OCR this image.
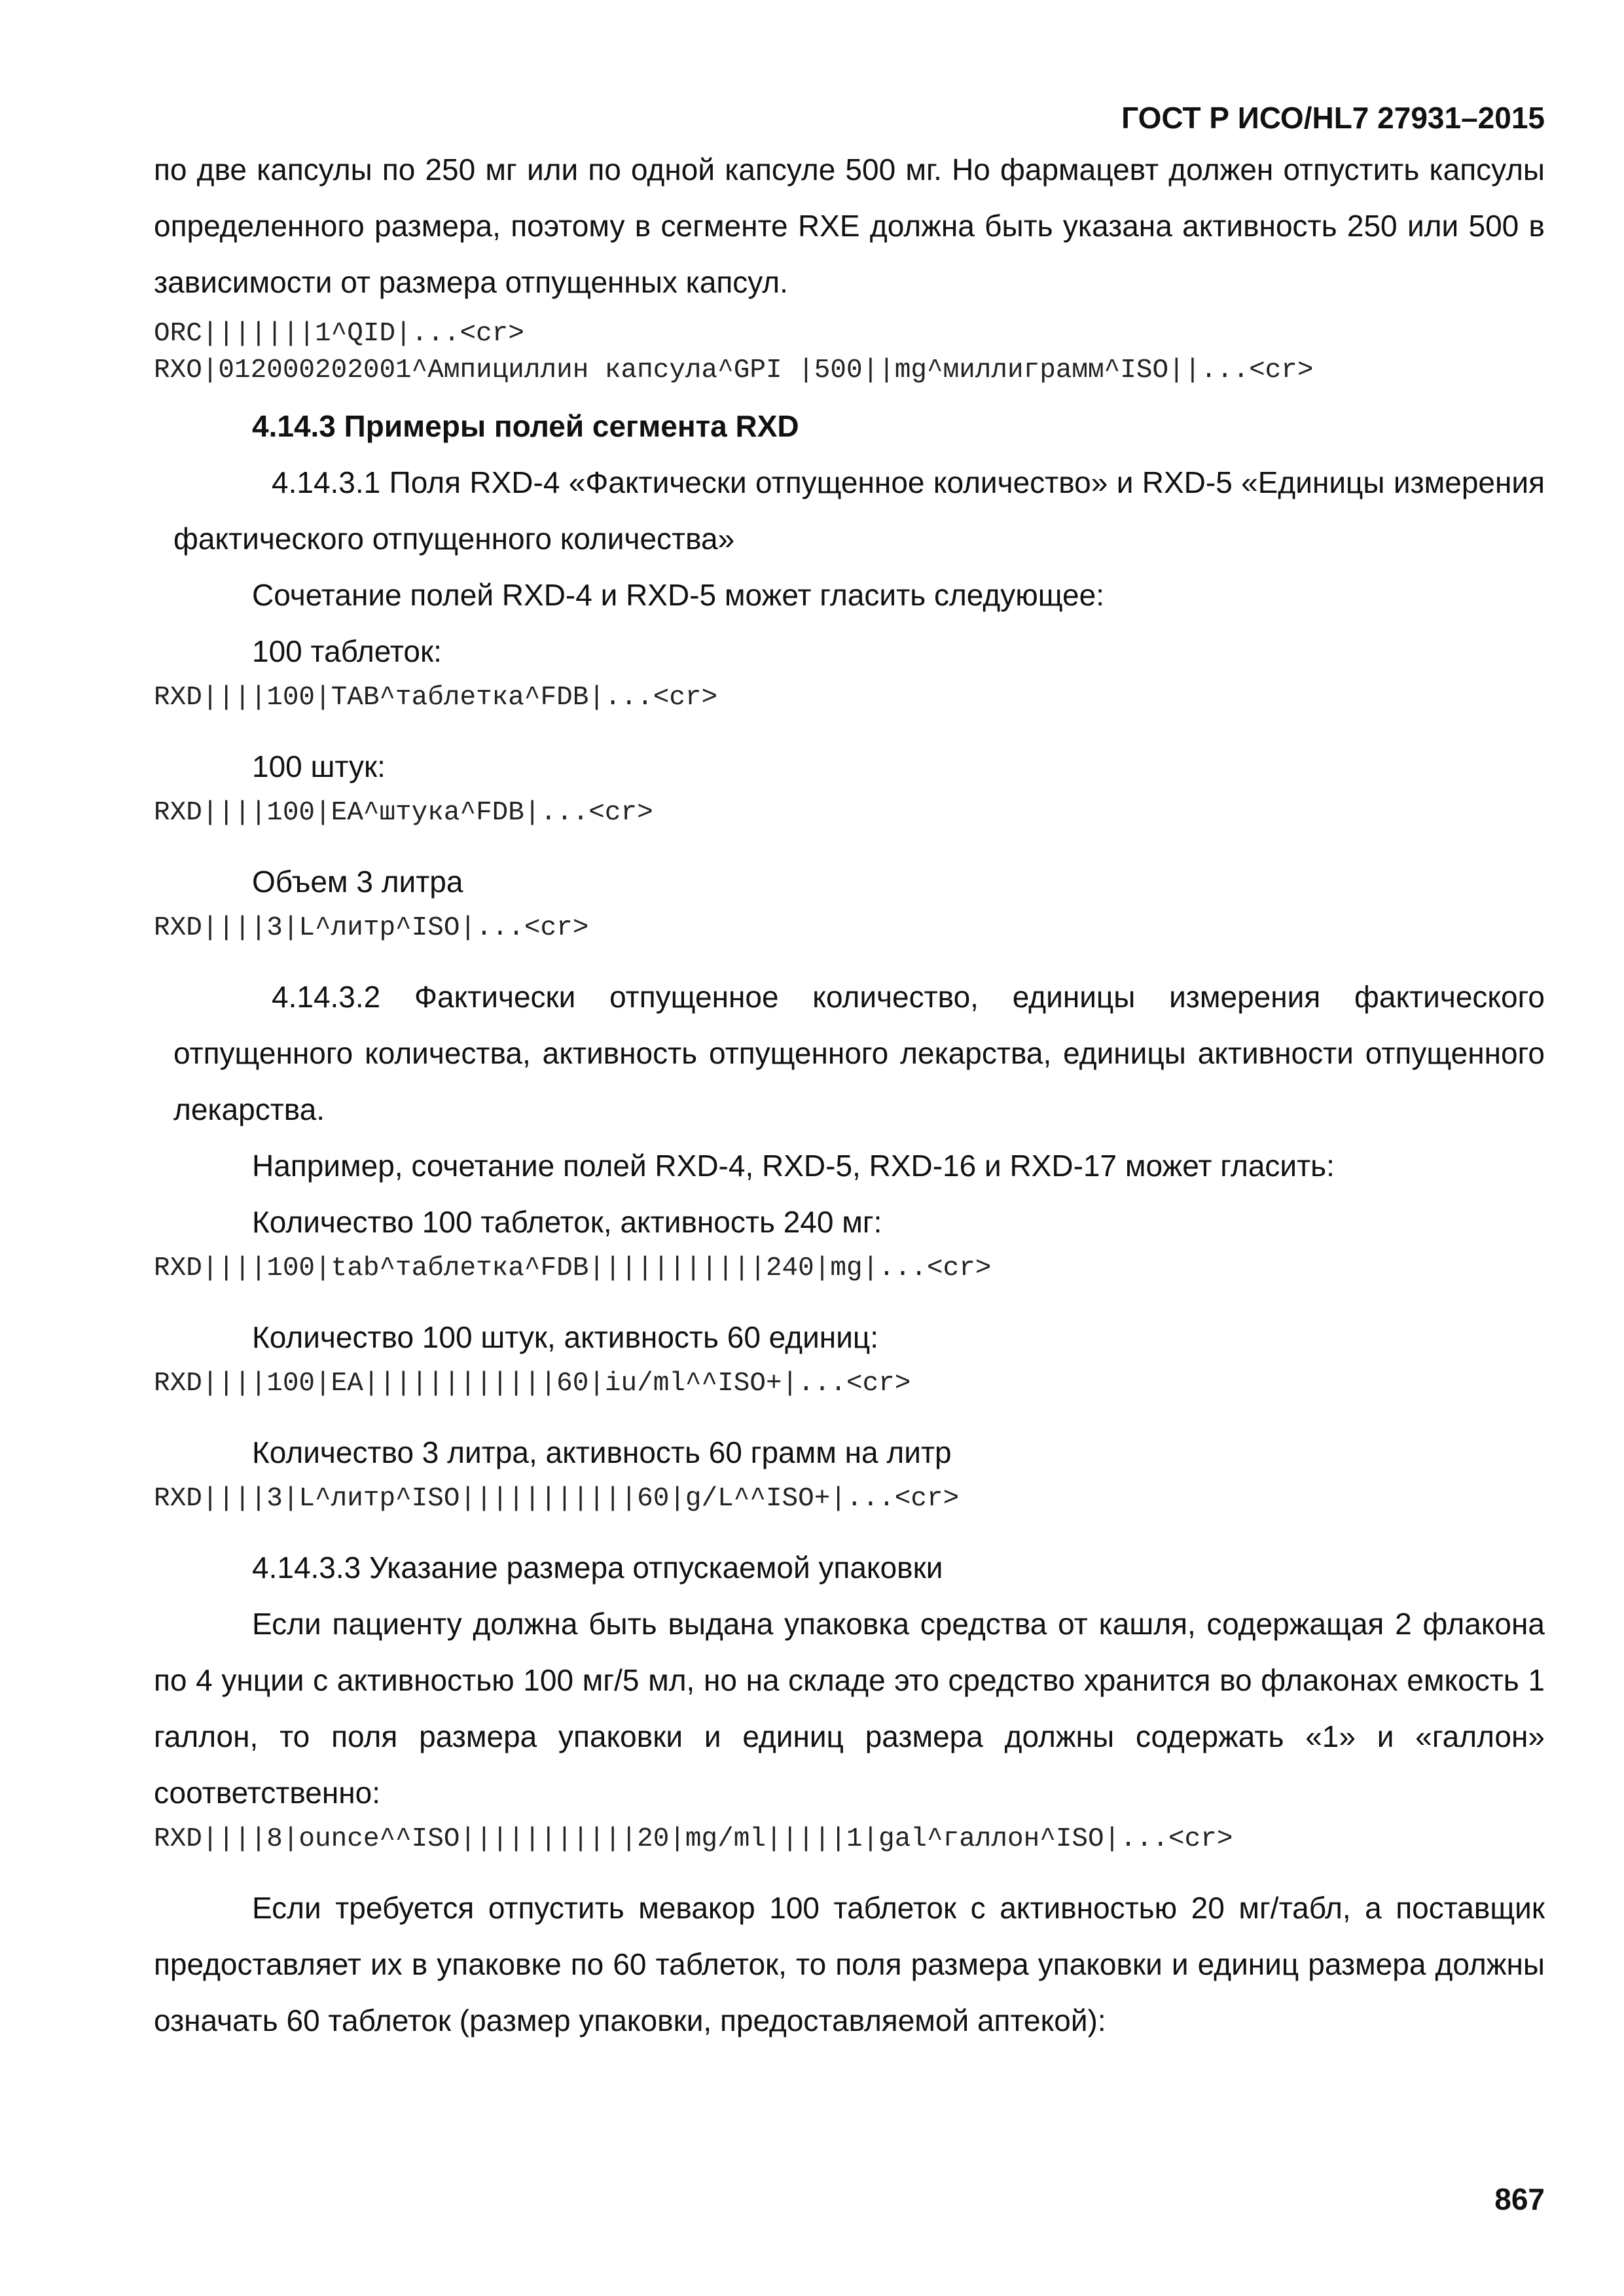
ГОСТ Р ИСО/HL7 27931–2015

по две капсулы по 250 мг или по одной капсуле 500 мг. Но фармацевт должен отпустить капсулы определенного размера, поэтому в сегменте RXE должна быть указана активность 250 или 500 в зависимости от размера отпущенных капсул.

ORC|||||||1^QID|...<cr>
RXO|012000202001^Ампициллин капсула^GPI |500||mg^миллиграмм^ISO||...<cr>

4.14.3 Примеры полей сегмента RXD

4.14.3.1 Поля RXD-4 «Фактически отпущенное количество» и RXD-5 «Единицы измерения фактического отпущенного количества»

Сочетание полей RXD-4 и RXD-5 может гласить следующее:

100 таблеток:

RXD||||100|TAB^таблетка^FDB|...<cr>

100 штук:

RXD||||100|EA^штука^FDB|...<cr>

Объем 3 литра

RXD||||3|L^литр^ISO|...<cr>

4.14.3.2 Фактически отпущенное количество, единицы измерения фактического отпущенного количества, активность отпущенного лекарства, единицы активности отпущенного лекарства.

Например, сочетание полей RXD-4, RXD-5, RXD-16 и RXD-17 может гласить:

Количество 100 таблеток, активность 240 мг:

RXD||||100|tab^таблетка^FDB|||||||||||240|mg|...<cr>

Количество 100 штук, активность 60 единиц:

RXD||||100|EA||||||||||||60|iu/ml^^ISO+|...<cr>

Количество 3 литра, активность 60 грамм на литр

RXD||||3|L^литр^ISO|||||||||||60|g/L^^ISO+|...<cr>

4.14.3.3 Указание размера отпускаемой упаковки

Если пациенту должна быть выдана упаковка средства от кашля, содержащая 2 флакона по 4 унции с активностью 100 мг/5 мл, но на складе это средство хранится во флаконах емкость 1 галлон, то поля размера упаковки и единиц размера должны содержать «1» и «галлон» соответственно:

RXD||||8|ounce^^ISO|||||||||||20|mg/ml|||||1|gal^галлон^ISO|...<cr>

Если требуется отпустить мевакор 100 таблеток с активностью 20 мг/табл, а поставщик предоставляет их в упаковке по 60 таблеток, то поля размера упаковки и единиц размера должны означать 60 таблеток (размер упаковки, предоставляемой аптекой):

867
